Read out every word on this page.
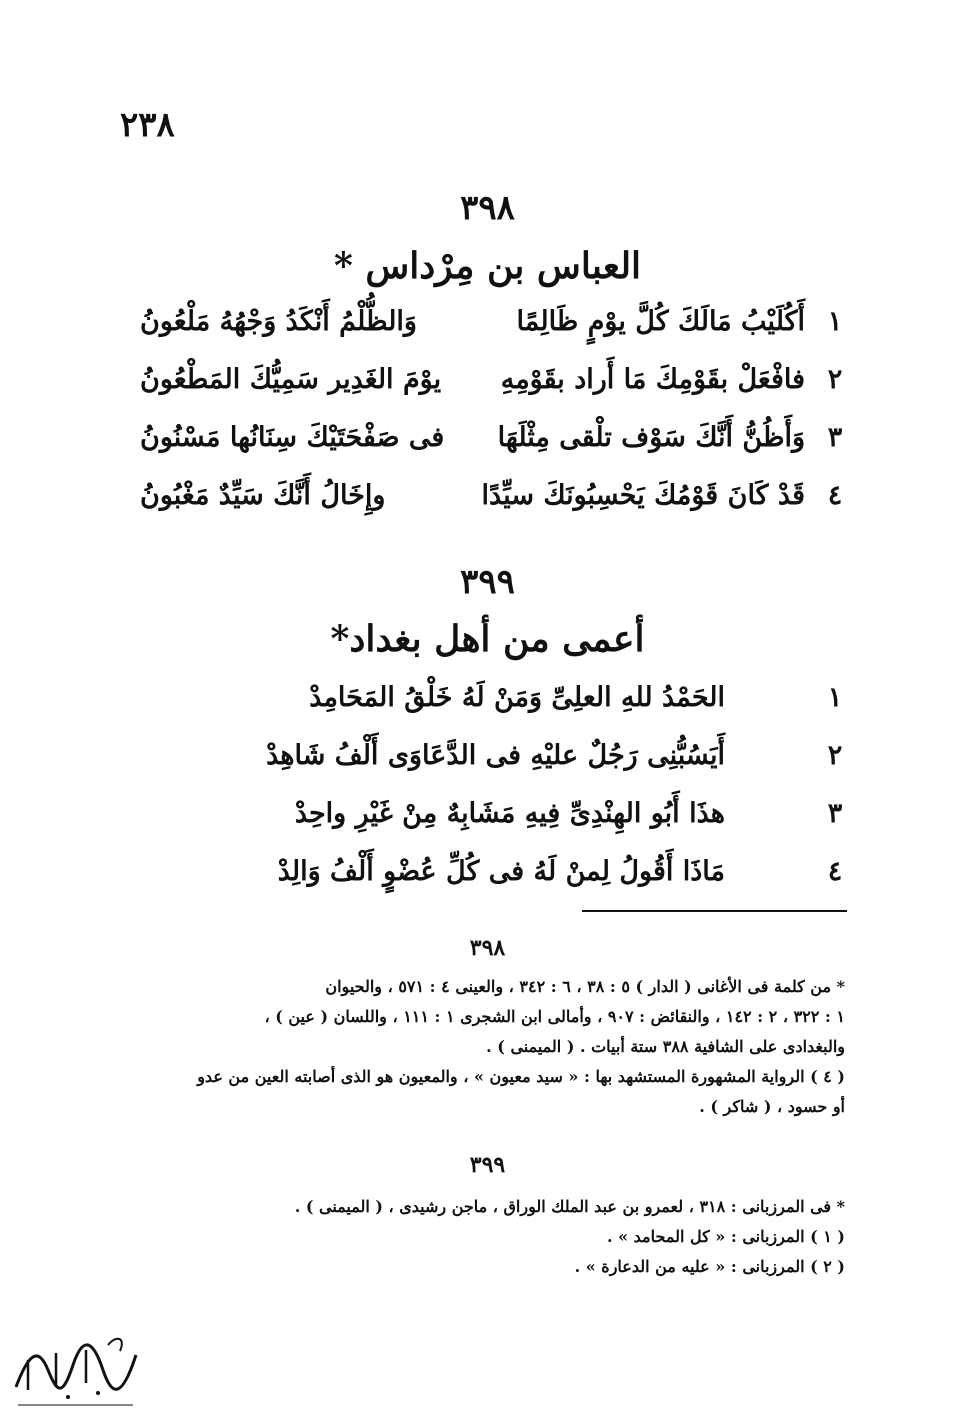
٢٣٨
٣٩٨
العباس بن مِرْداس *
١
أَكُلَيْبُ مَالَكَ كُلَّ يوْمٍ ظَالِمًا
وَالظُّلْمُ أَنْكَدُ وَجْهُهُ مَلْعُونُ
٢
فافْعَلْ بقَوْمِكَ مَا أَراد بقَوْمِهِ
يوْمَ الغَدِير سَمِيُّكَ المَطْعُونُ
٣
وَأَظُنُّ أَنَّكَ سَوْف تلْقى مِثْلَهَا
فى صَفْحَتَيْكَ سِنَانُها مَسْنُونُ
٤
قَدْ كَانَ قَوْمُكَ يَحْسِبُونَكَ سيِّدًا
وإِخَالُ أَنَّكَ سَيِّدٌ مَغْبُونُ
٣٩٩
أعمى من أهل بغداد*
١
الحَمْدُ للهِ العلِىِّ وَمَنْ لَهُ خَلْقُ المَحَامِدْ
٢
أَيَسُبُّنِى رَجُلٌ عليْهِ فى الدَّعَاوَى أَلْفُ شَاهِدْ
٣
هذَا أَبُو الهِنْدِىِّ فِيهِ مَشَابِهٌ مِنْ غَيْرِ واحِدْ
٤
مَاذَا أَقُولُ لِمنْ لَهُ فى كُلِّ عُضْوٍ أَلْفُ وَالِدْ
٣٩٨
* من كلمة فى الأغانى ( الدار ) ٥ : ٣٨ ، ٦ : ٣٤٢ ، والعينى ٤ : ٥٧١ ، والحيوان
١ : ٣٢٢ ، ٢ : ١٤٢ ، والنقائض : ٩٠٧ ، وأمالى ابن الشجرى ١ : ١١١ ، واللسان ( عين ) ،
والبغدادى على الشافية ٣٨٨ ستة أبيات . ( الميمنى ) .
( ٤ ) الرواية المشهورة المستشهد بها : « سيد معيون » ، والمعيون هو الذى أصابته العين من عدو
أو حسود ، ( شاكر ) .
٣٩٩
* فى المرزبانى : ٣١٨ ، لعمرو بن عبد الملك الوراق ، ماجن رشيدى ، ( الميمنى ) .
( ١ ) المرزبانى : « كل المحامد » .
( ٢ ) المرزبانى : « عليه من الدعارة » .
